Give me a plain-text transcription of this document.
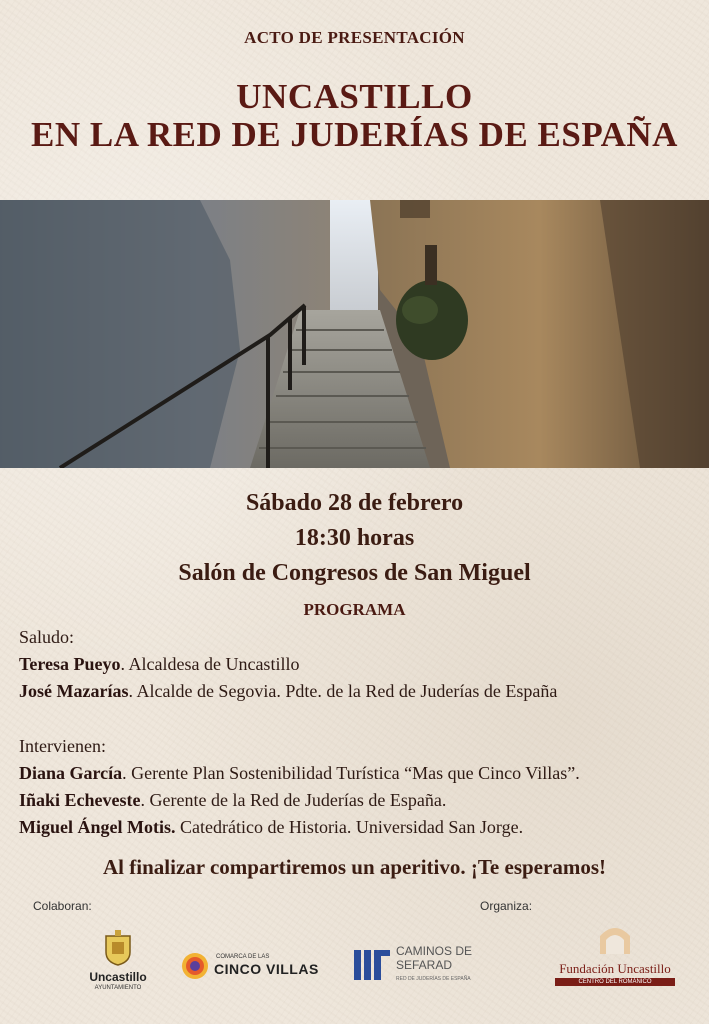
ACTO DE PRESENTACIÓN
UNCASTILLO
EN LA RED DE JUDERÍAS DE ESPAÑA
Sábado 28 de febrero
18:30 horas
Salón de Congresos de San Miguel
PROGRAMA
Saludo:
Teresa Pueyo. Alcaldesa de Uncastillo
José Mazarías. Alcalde de Segovia. Pdte. de la Red de Juderías de España
Intervienen:
Diana García. Gerente Plan Sostenibilidad Turística “Mas que Cinco Villas”.
Iñaki Echeveste. Gerente de la Red de Juderías de España.
Miguel Ángel Motis. Catedrático de Historia. Universidad San Jorge.
Al finalizar compartiremos un aperitivo. ¡Te esperamos!
Colaboran:	Organiza:
Uncastillo
AYUNTAMIENTO
COMARCA DE LAS
CINCO VILLAS
CAMINOS DE
SEFARAD
RED DE JUDERÍAS DE ESPAÑA
Fundación Uncastillo
CENTRO DEL ROMÁNICO
